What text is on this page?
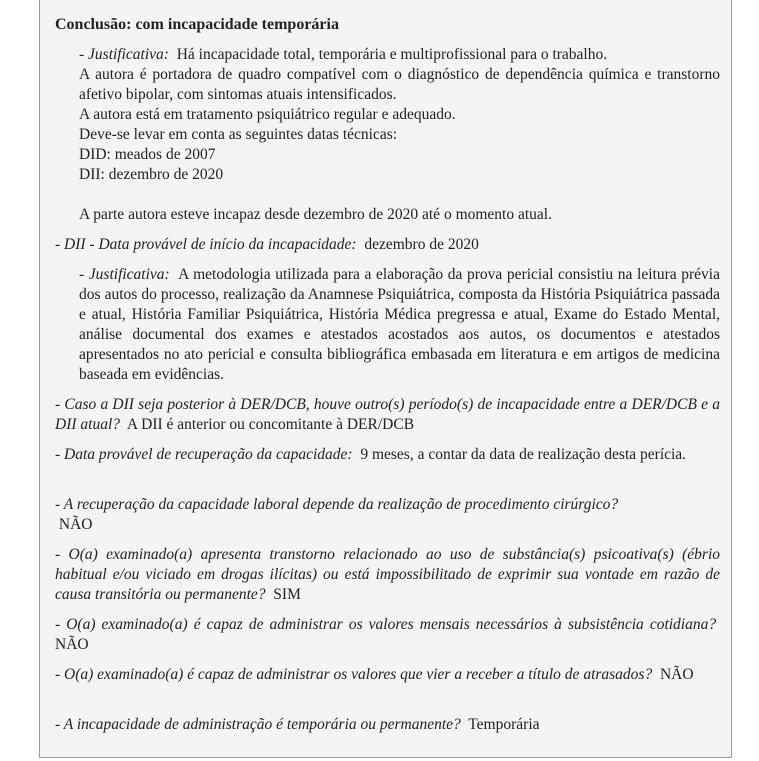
Conclusão: com incapacidade temporária

- Justificativa: Há incapacidade total, temporária e multiprofissional para o trabalho.

A autora é portadora de quadro compatível com o diagnóstico de dependência química e transtorno afetivo bipolar, com sintomas atuais intensificados.

A autora está em tratamento psiquiátrico regular e adequado.

Deve-se levar em conta as seguintes datas técnicas:

DID: meados de 2007

DII: dezembro de 2020

A parte autora esteve incapaz desde dezembro de 2020 até o momento atual.

- DII - Data provável de início da incapacidade: dezembro de 2020

- Justificativa: A metodologia utilizada para a elaboração da prova pericial consistiu na leitura prévia dos autos do processo, realização da Anamnese Psiquiátrica, composta da História Psiquiátrica passada e atual, História Familiar Psiquiátrica, História Médica pregressa e atual, Exame do Estado Mental, análise documental dos exames e atestados acostados aos autos, os documentos e atestados apresentados no ato pericial e consulta bibliográfica embasada em literatura e em artigos de medicina baseada em evidências.

- Caso a DII seja posterior à DER/DCB, houve outro(s) período(s) de incapacidade entre a DER/DCB e a DII atual? A DII é anterior ou concomitante à DER/DCB

- Data provável de recuperação da capacidade: 9 meses, a contar da data de realização desta perícia.

- A recuperação da capacidade laboral depende da realização de procedimento cirúrgico?
NÃO

- O(a) examinado(a) apresenta transtorno relacionado ao uso de substância(s) psicoativa(s) (ébrio habitual e/ou viciado em drogas ilícitas) ou está impossibilitado de exprimir sua vontade em razão de causa transitória ou permanente? SIM

- O(a) examinado(a) é capaz de administrar os valores mensais necessários à subsistência cotidiana?  NÃO

- O(a) examinado(a) é capaz de administrar os valores que vier a receber a título de atrasados? NÃO

- A incapacidade de administração é temporária ou permanente? Temporária
